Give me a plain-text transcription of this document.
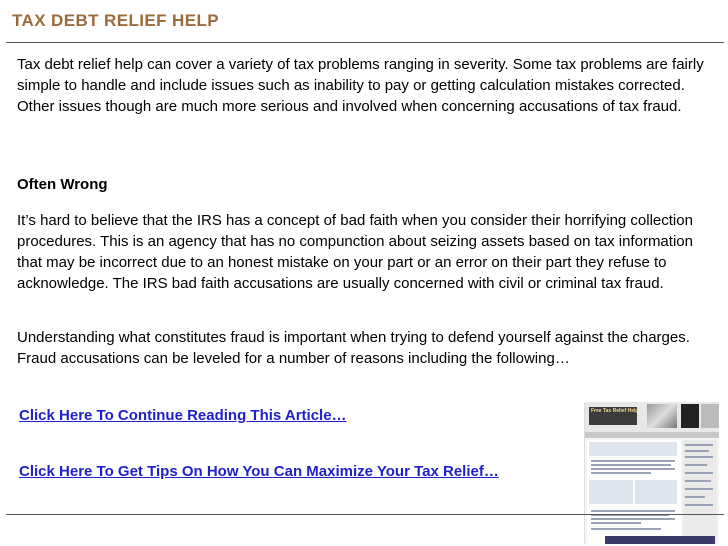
TAX DEBT RELIEF HELP

Tax debt relief help can cover a variety of tax problems ranging in severity. Some tax problems are fairly simple to handle and include issues such as inability to pay or getting calculation mistakes corrected. Other issues though are much more serious and involved when concerning accusations of tax fraud.

Often Wrong

It’s hard to believe that the IRS has a concept of bad faith when you consider their horrifying collection procedures. This is an agency that has no compunction about seizing assets based on tax information that may be incorrect due to an honest mistake on your part or an error on their part they refuse to acknowledge. The IRS bad faith accusations are usually concerned with civil or criminal tax fraud.

Understanding what constitutes fraud is important when trying to defend yourself against the charges. Fraud accusations can be leveled for a number of reasons including the following…

Click Here To Continue Reading This Article…
Click Here To Get Tips On How You Can Maximize Your Tax Relief…
Free Tax Relief Help
